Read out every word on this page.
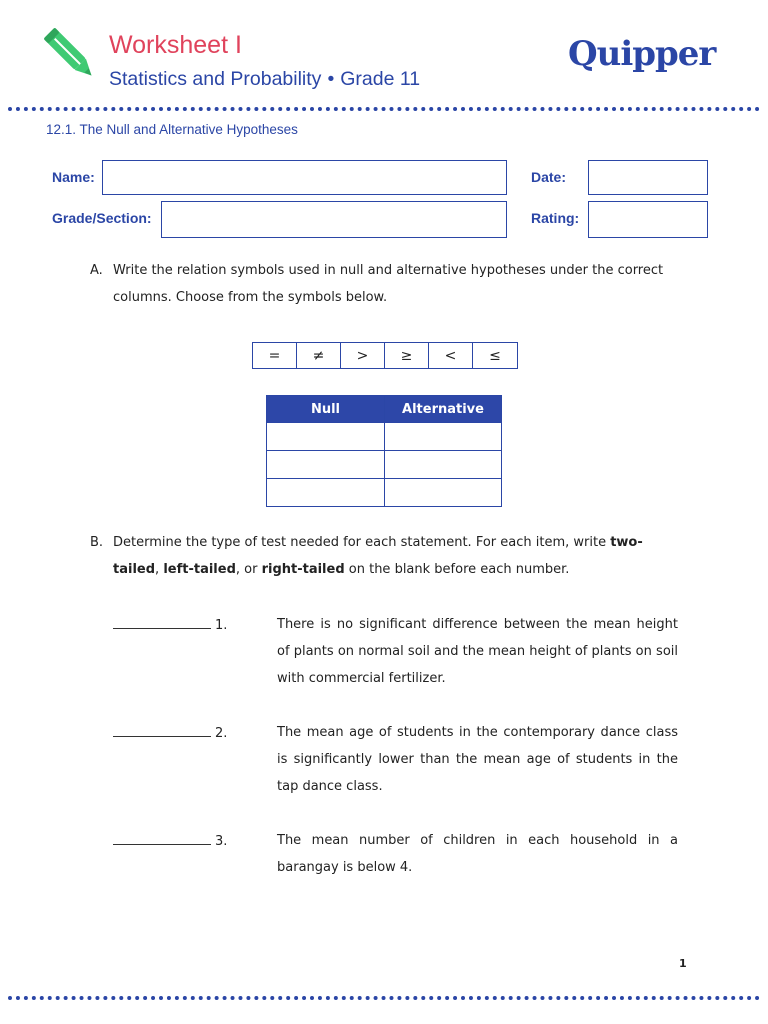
Worksheet I
Statistics and Probability • Grade 11
Quipper
12.1. The Null and Alternative Hypotheses
Name:	Date:
Grade/Section:	Rating:
A. Write the relation symbols used in null and alternative hypotheses under the correct columns. Choose from the symbols below.
=	≠	>	≥	<	≤
Null	Alternative

B. Determine the type of test needed for each statement. For each item, write two-tailed, left-tailed, or right-tailed on the blank before each number.
1.	There is no significant difference between the mean height of plants on normal soil and the mean height of plants on soil with commercial fertilizer.
2.	The mean age of students in the contemporary dance class is significantly lower than the mean age of students in the tap dance class.
3.	The mean number of children in each household in a barangay is below 4.
1
